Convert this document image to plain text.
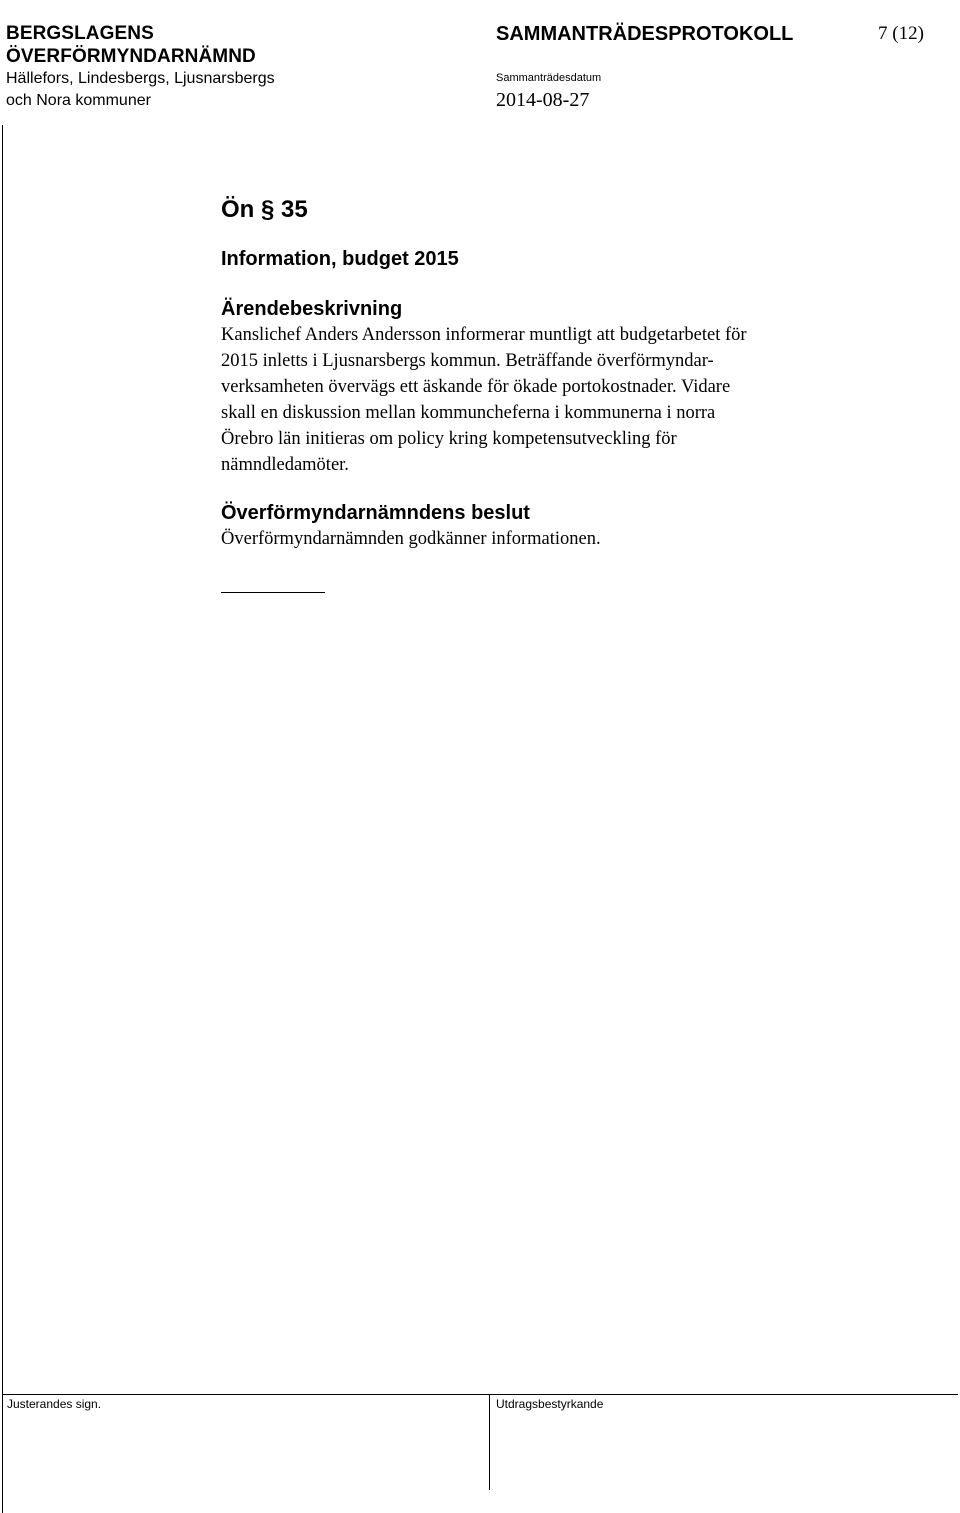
BERGSLAGENS
ÖVERFÖRMYNDARNÄMND
Hällefors, Lindesbergs, Ljusnarsbergs
och Nora kommuner
SAMMANTRÄDESPROTOKOLL	7 (12)
Sammanträdesdatum
2014-08-27
Ön § 35
Information, budget 2015
Ärendebeskrivning

Kanslichef Anders Andersson informerar muntligt att budgetarbetet för

2015 inletts i Ljusnarsbergs kommun. Beträffande överförmyndar-

verksamheten övervägs ett äskande för ökade portokostnader. Vidare

skall en diskussion mellan kommuncheferna i kommunerna i norra

Örebro län initieras om policy kring kompetensutveckling för

nämndledamöter.

Överförmyndarnämndens beslut

Överförmyndarnämnden godkänner informationen.

Justerandes sign.	Utdragsbestyrkande
